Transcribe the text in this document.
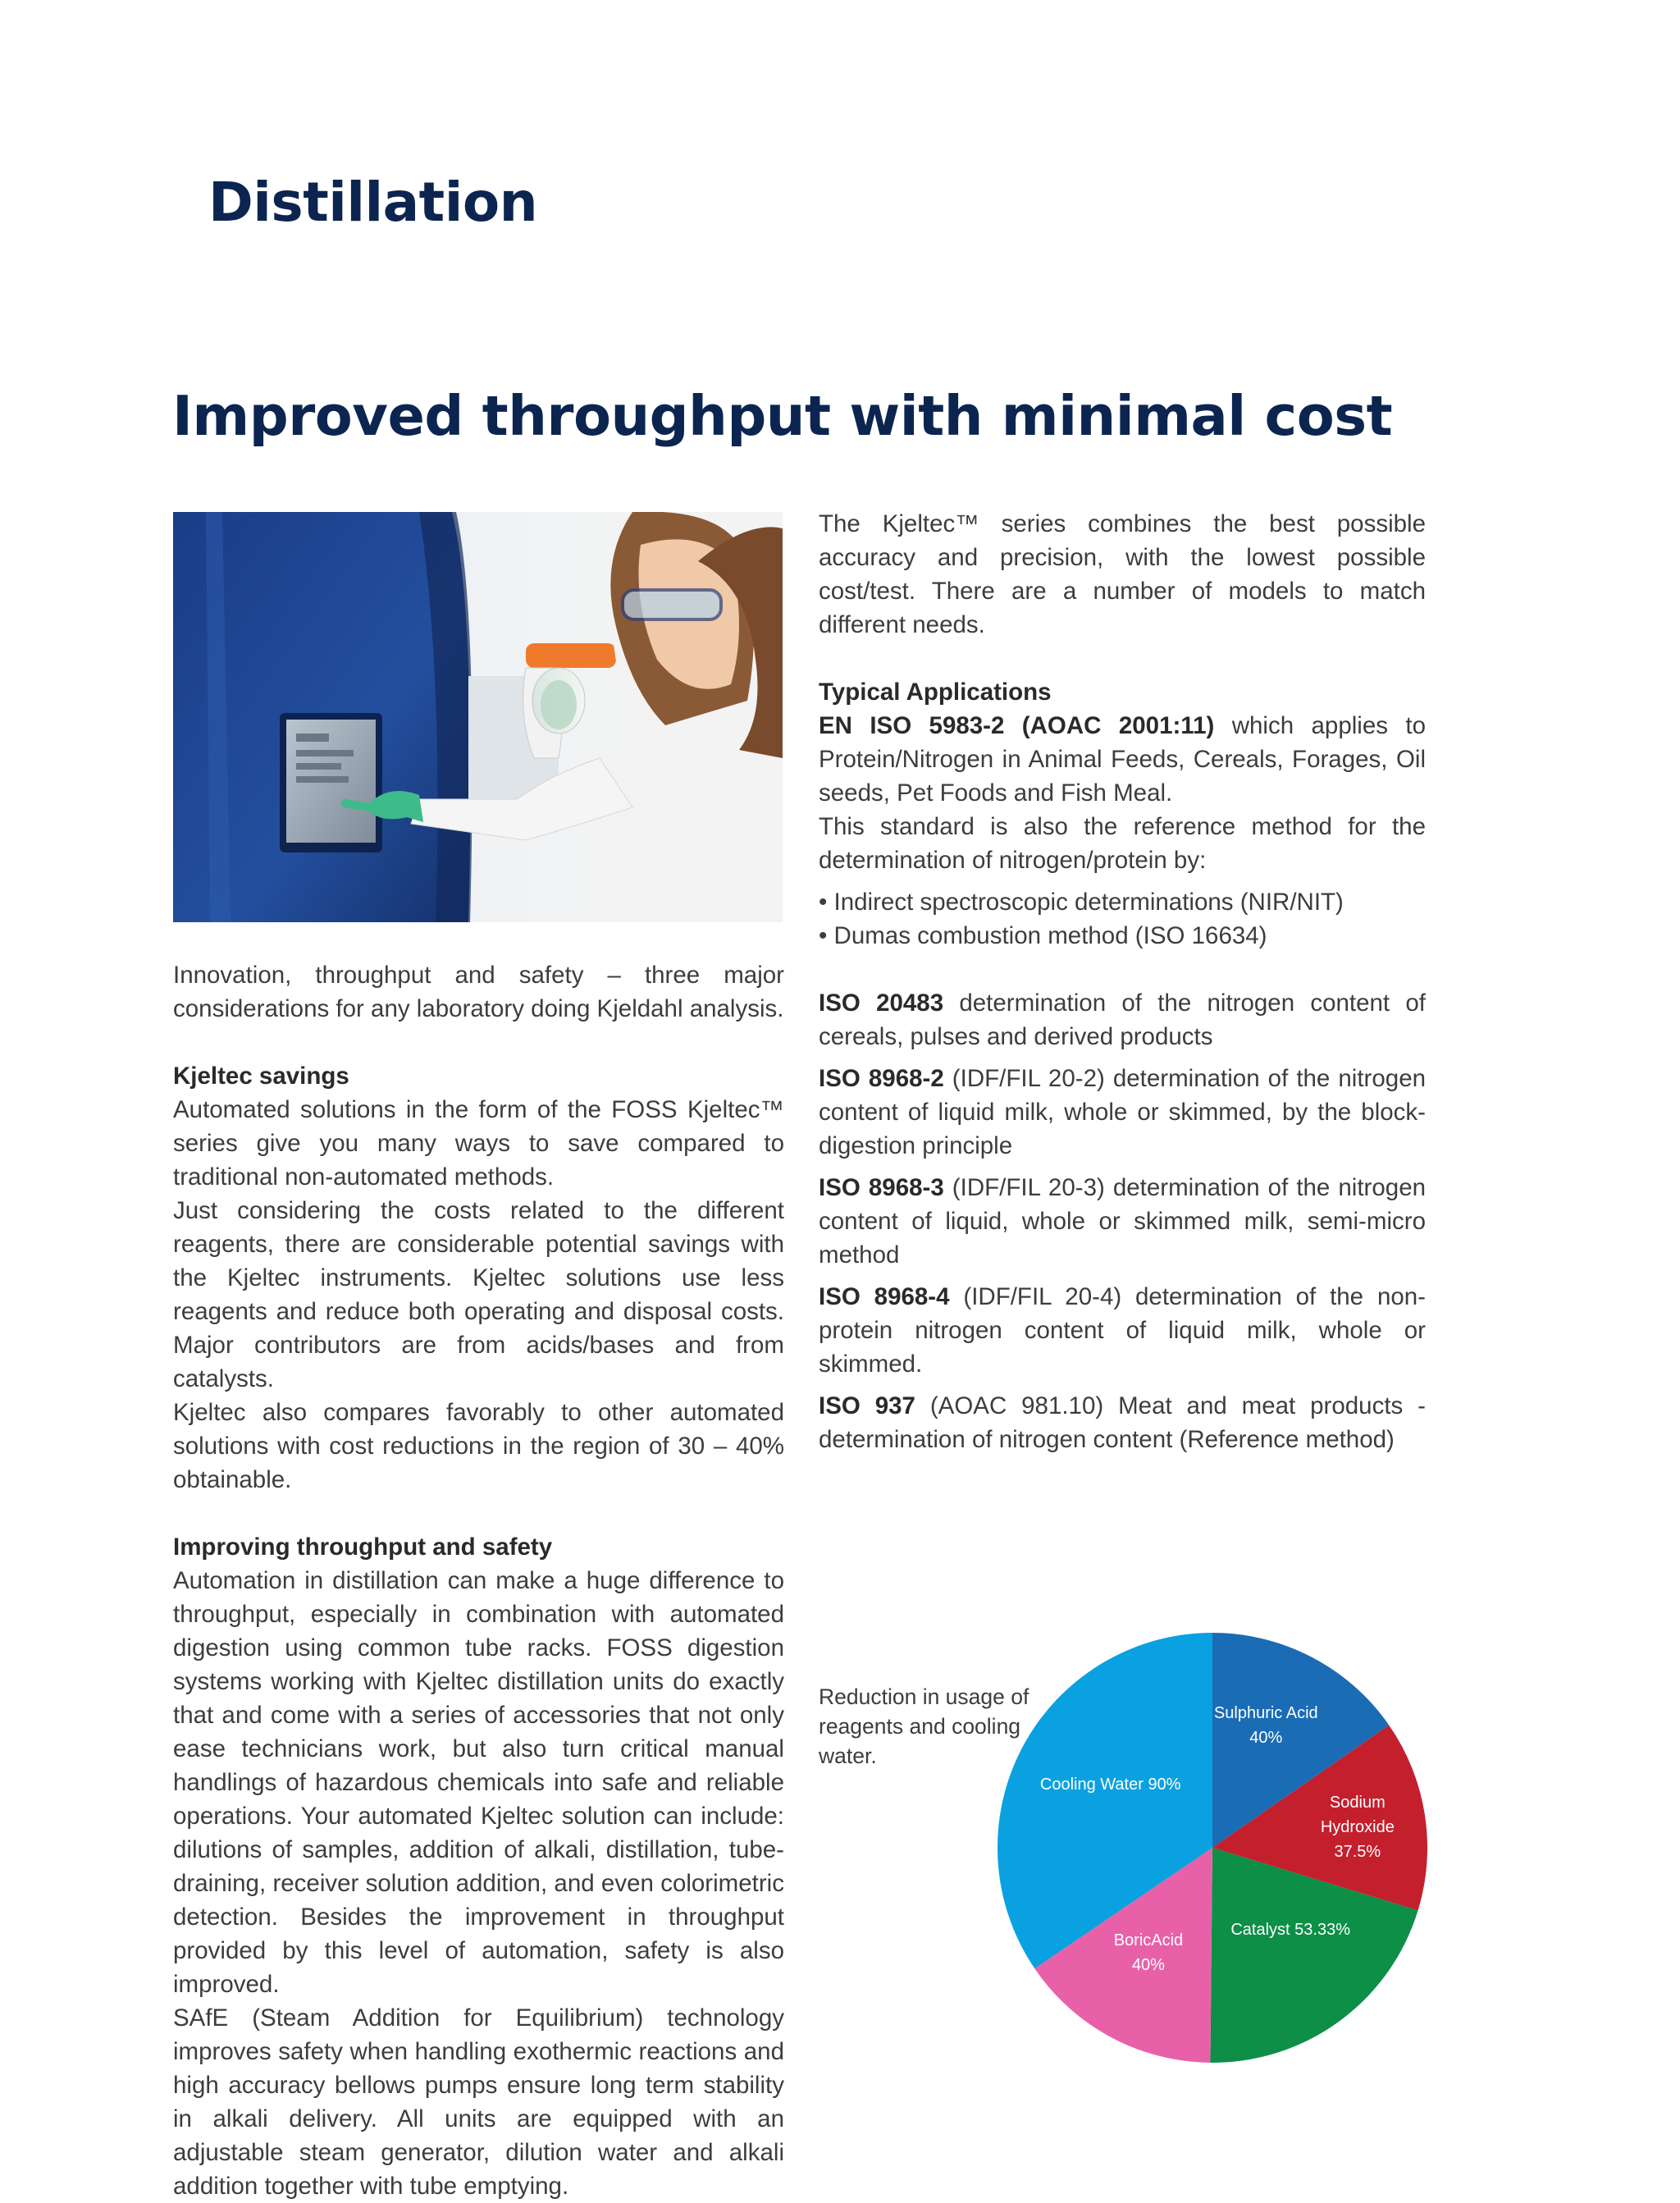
Distillation
Improved throughput with minimal cost

Innovation, throughput and safety – three major considerations for any laboratory doing Kjeldahl analysis.

Kjeltec savings

Automated solutions in the form of the FOSS Kjeltec™ series give you many ways to save compared to traditional non-automated methods.

Just considering the costs related to the different reagents, there are considerable potential savings with the Kjeltec instruments. Kjeltec solutions use less reagents and reduce both operating and disposal costs. Major contributors are from acids/bases and from catalysts.

Kjeltec also compares favorably to other automated solutions with cost reductions in the region of 30 – 40% obtainable.

Improving throughput and safety

Automation in distillation can make a huge difference to throughput, especially in combination with automated digestion using common tube racks. FOSS digestion systems working with Kjeltec distillation units do exactly that and come with a series of accessories that not only ease technicians work, but also turn critical manual handlings of hazardous chemicals into safe and reliable operations. Your automated Kjeltec solution can include: dilutions of samples, addition of alkali, distillation, tube-draining, receiver solution addition, and even colorimetric detection. Besides the improvement in throughput provided by this level of automation, safety is also improved.

SAfE (Steam Addition for Equilibrium) technology improves safety when handling exothermic reactions and high accuracy bellows pumps ensure long term stability in alkali delivery. All units are equipped with an adjustable steam generator, dilution water and alkali addition together with tube emptying.

The Kjeltec™ series combines the best possible accuracy and precision, with the lowest possible cost/test. There are a number of models to match different needs.

Typical Applications

EN ISO 5983-2 (AOAC 2001:11) which applies to Protein/Nitrogen in Animal Feeds, Cereals, Forages, Oil seeds, Pet Foods and Fish Meal.

This standard is also the reference method for the determination of nitrogen/protein by:

• Indirect spectroscopic determinations (NIR/NIT)

• Dumas combustion method (ISO 16634)

ISO 20483 determination of the nitrogen content of cereals, pulses and derived products

ISO 8968-2 (IDF/FIL 20-2) determination of the nitrogen content of liquid milk, whole or skimmed, by the block-digestion principle

ISO 8968-3 (IDF/FIL 20-3) determination of the nitrogen content of liquid, whole or skimmed milk, semi-micro method

ISO 8968-4 (IDF/FIL 20-4) determination of the non-protein nitrogen content of liquid milk, whole or skimmed.

ISO 937 (AOAC 981.10) Meat and meat products - determination of nitrogen content (Reference method)

Reduction in usage of reagents and cooling water.
Sulphuric Acid 40%
Sodium Hydroxide 37.5%
Catalyst 53.33%
BoricAcid 40%
Cooling Water 90%
